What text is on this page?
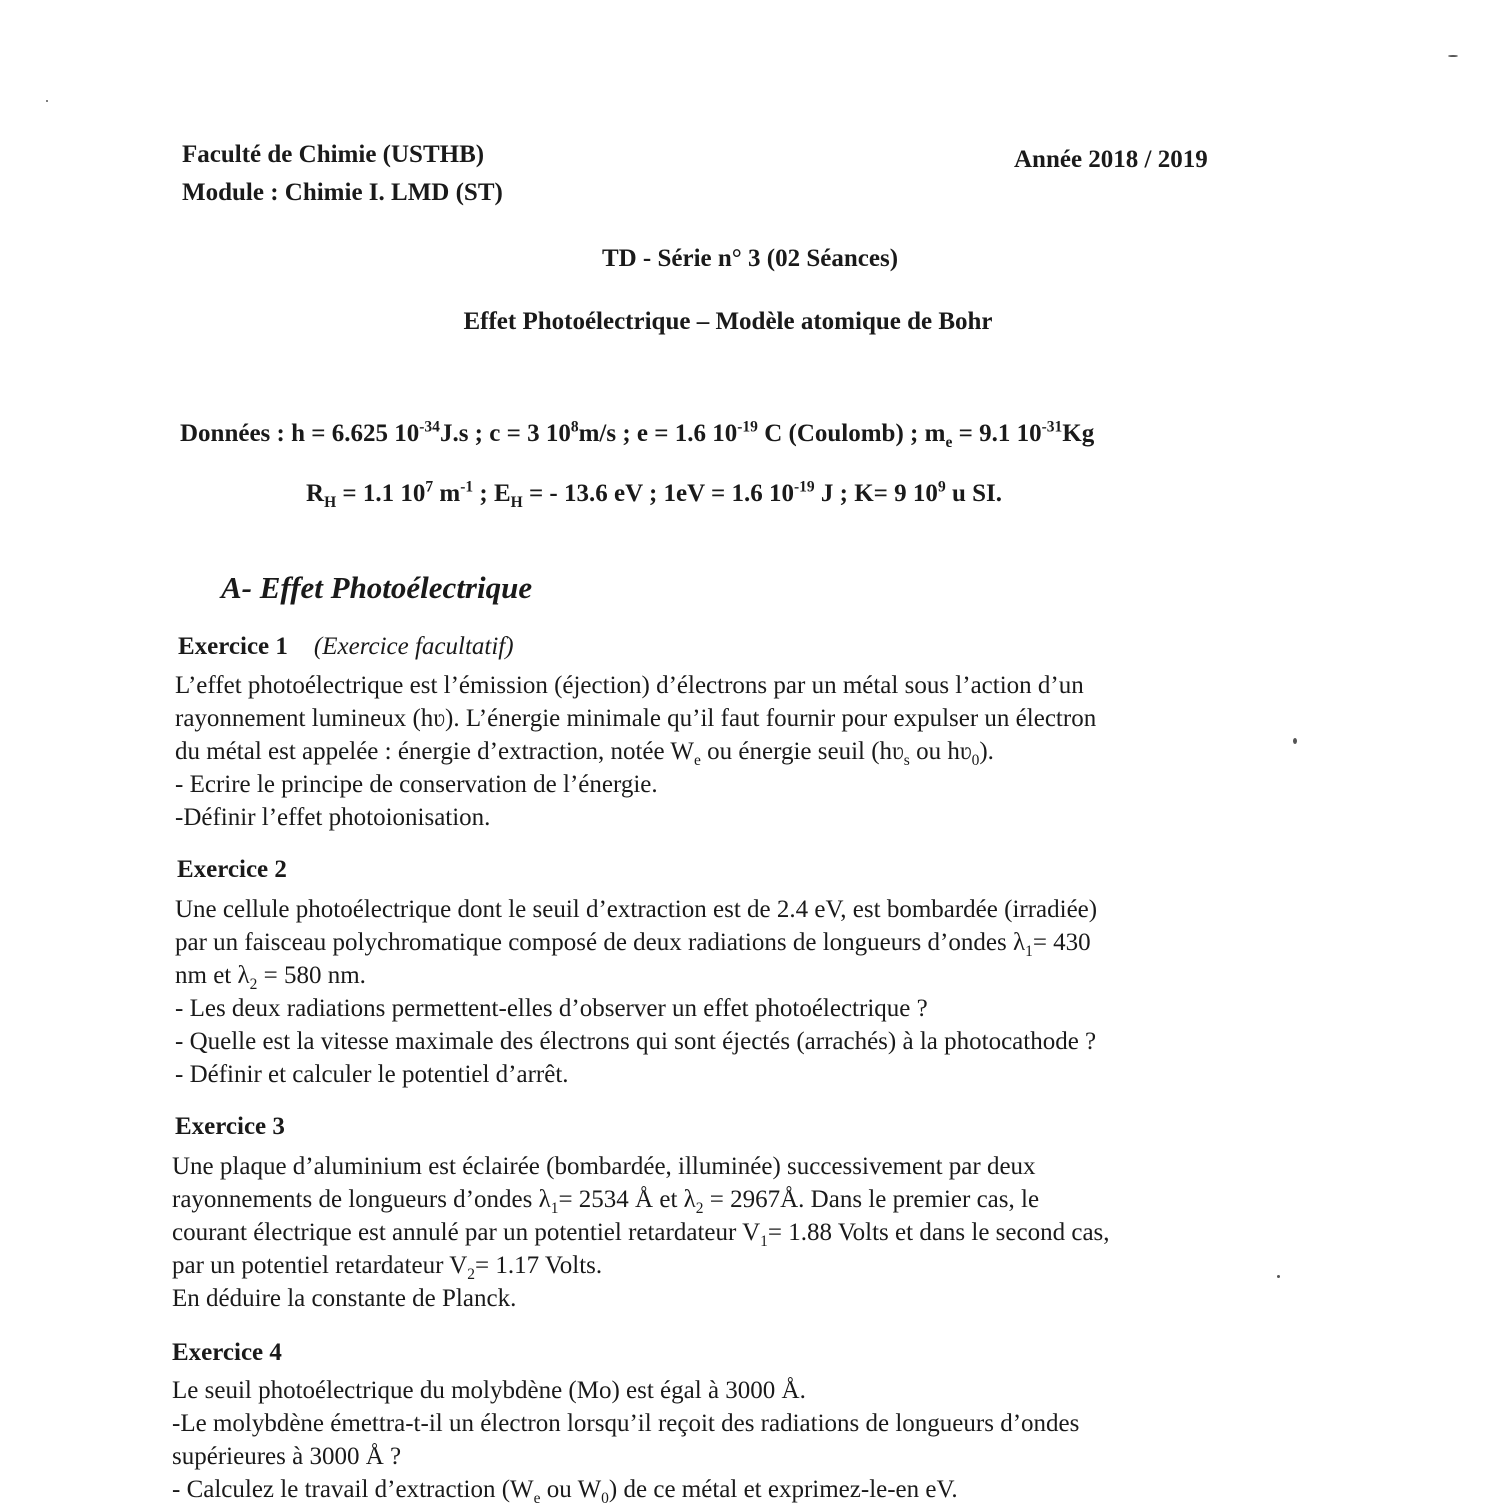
Faculté de Chimie (USTHB)
Module : Chimie I. LMD (ST)
Année 2018 / 2019
TD - Série n° 3 (02 Séances)
Effet Photoélectrique – Modèle atomique de Bohr
Données : h = 6.625 $10^{-34}J.s$ ; c = 3 $10^8m/s$ ; e = 1.6 $10^{-19}$ C (Coulomb) ; $m_e = 9.1$ $10^{-31}Kg$
$R_H = 1.1$ $10^7$ $m^{-1}$ ; $E_H$ = - 13.6 eV ; 1eV = 1.6 $10^{-19}$ J ; K= 9 $10^9$ u SI.
A- Effet Photoélectrique
Exercice 1 (Exercice facultatif)
L’effet photoélectrique est l’émission (éjection) d’électrons par un métal sous l’action d’un
rayonnement lumineux (hʋ). L’énergie minimale qu’il faut fournir pour expulser un électron
du métal est appelée : énergie d’extraction, notée $W_e$ ou énergie seuil (hʋ$_s$ ou hʋ$_0$).
- Ecrire le principe de conservation de l’énergie.
-Définir l’effet photoionisation.
Exercice 2
Une cellule photoélectrique dont le seuil d’extraction est de 2.4 eV, est bombardée (irradiée)
par un faisceau polychromatique composé de deux radiations de longueurs d’ondes $\lambda_1= 430$
nm et $\lambda_2 = 580$ nm.
- Les deux radiations permettent-elles d’observer un effet photoélectrique ?
- Quelle est la vitesse maximale des électrons qui sont éjectés (arrachés) à la photocathode ?
- Définir et calculer le potentiel d’arrêt.
Exercice 3
Une plaque d’aluminium est éclairée (bombardée, illuminée) successivement par deux
rayonnements de longueurs d’ondes $\lambda_1= 2534$ Å et $\lambda_2$ = 2967Å. Dans le premier cas, le
courant électrique est annulé par un potentiel retardateur $V_1= 1.88$ Volts et dans le second cas,
par un potentiel retardateur $V_2= 1.17$ Volts.
En déduire la constante de Planck.
Exercice 4
Le seuil photoélectrique du molybdène (Mo) est égal à 3000 Å.
-Le molybdène émettra-t-il un électron lorsqu’il reçoit des radiations de longueurs d’ondes
supérieures à 3000 Å ?
- Calculez le travail d’extraction ($W_e$ ou $W_0$) de ce métal et exprimez-le-en eV.
